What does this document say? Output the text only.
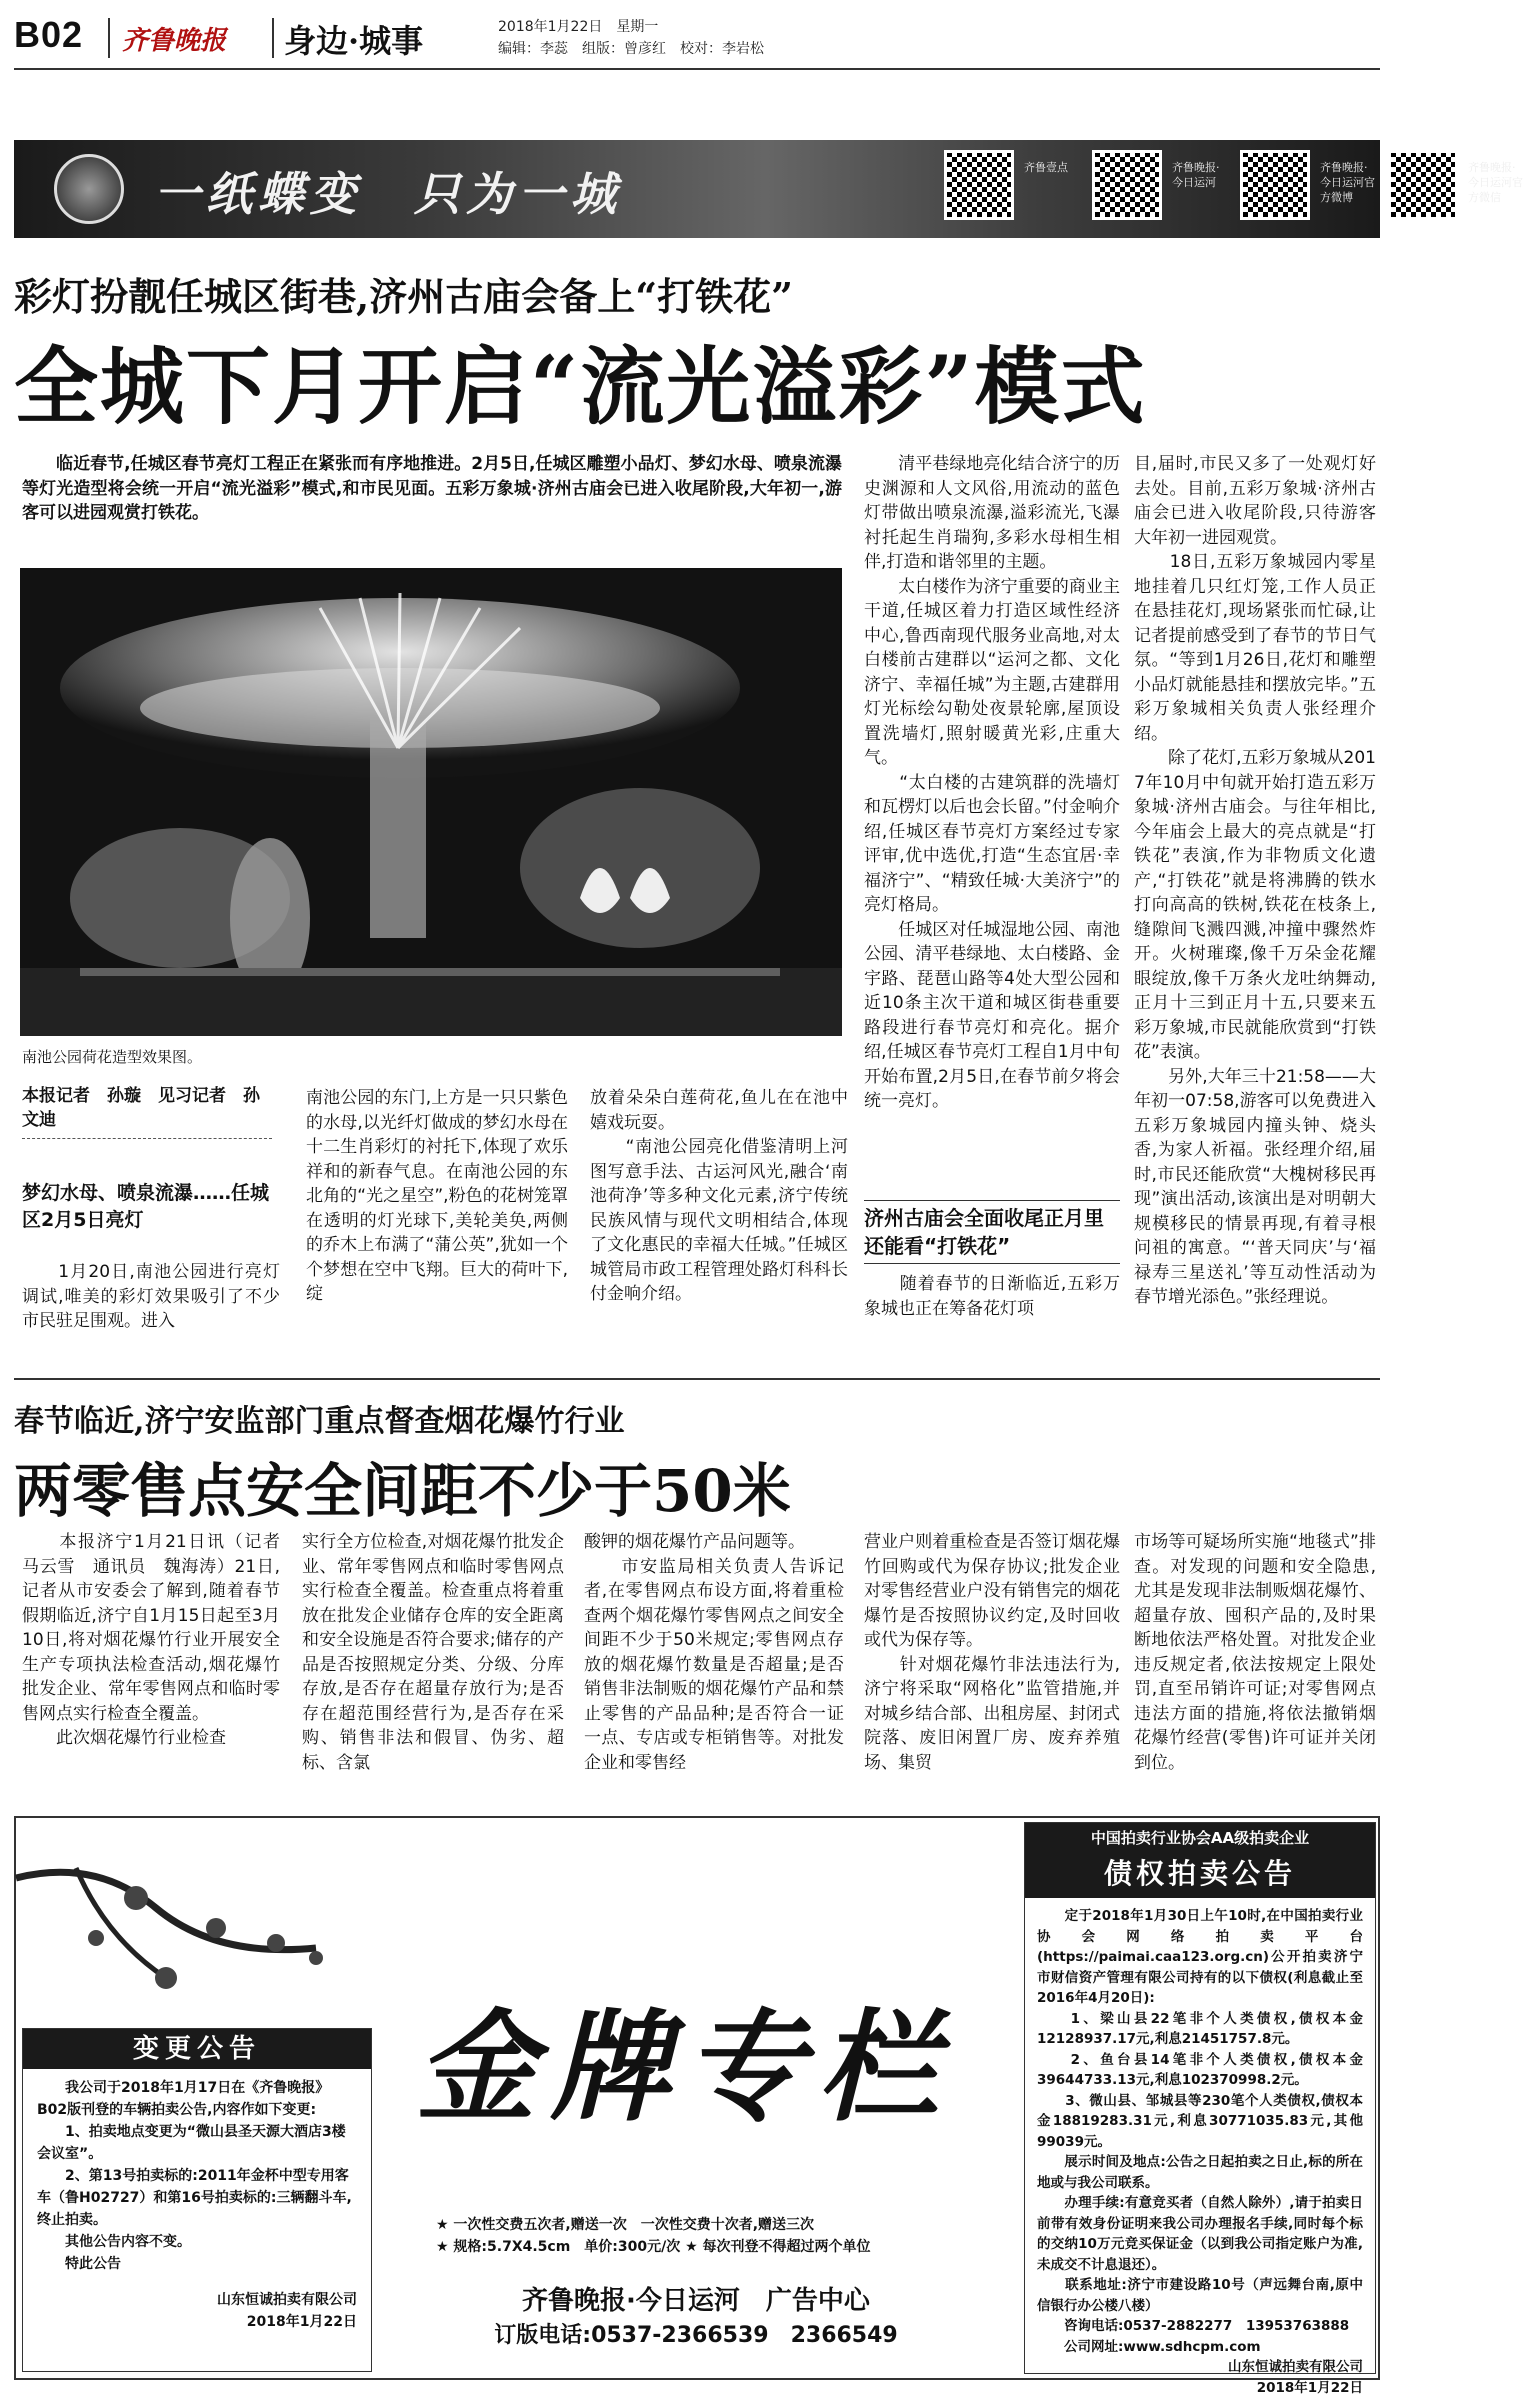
B02 齐鲁晚报 身边·城事	2018年1月22日　星期一
编辑：李蕊　组版：曾彦红　校对：李岩松
一纸蝶变　只为一城	齐鲁壹点	齐鲁晚报·今日运河
齐鲁晚报·今日运河官方微博
齐鲁晚报·今日运河官方微信
彩灯扮靓任城区街巷,济州古庙会备上“打铁花”
全城下月开启“流光溢彩”模式
　　临近春节,任城区春节亮灯工程正在紧张而有序地推进。2月5日,任城区雕塑小品灯、梦幻水母、喷泉流瀑等灯光造型将会统一开启“流光溢彩”模式,和市民见面。五彩万象城·济州古庙会已进入收尾阶段,大年初一,游客可以进园观赏打铁花。
南池公园荷花造型效果图。
本报记者　孙璇　见习记者　孙文迪
梦幻水母、喷泉流瀑……任城区2月5日亮灯
　　1月20日,南池公园进行亮灯调试,唯美的彩灯效果吸引了不少市民驻足围观。进入
南池公园的东门,上方是一只只紫色的水母,以光纤灯做成的梦幻水母在十二生肖彩灯的衬托下,体现了欢乐祥和的新春气息。在南池公园的东北角的“光之星空”,粉色的花树笼罩在透明的灯光球下,美轮美奂,两侧的乔木上布满了“蒲公英”,犹如一个个梦想在空中飞翔。巨大的荷叶下,绽
放着朵朵白莲荷花,鱼儿在在池中嬉戏玩耍。
　　“南池公园亮化借鉴清明上河图写意手法、古运河风光,融合‘南池荷净’等多种文化元素,济宁传统民族风情与现代文明相结合,体现了文化惠民的幸福大任城。”任城区城管局市政工程管理处路灯科科长付金响介绍。
　　清平巷绿地亮化结合济宁的历史渊源和人文风俗,用流动的蓝色灯带做出喷泉流瀑,溢彩流光,飞瀑衬托起生肖瑞狗,多彩水母相生相伴,打造和谐邻里的主题。
　　太白楼作为济宁重要的商业主干道,任城区着力打造区域性经济中心,鲁西南现代服务业高地,对太白楼前古建群以“运河之都、文化济宁、幸福任城”为主题,古建群用灯光标绘勾勒处夜景轮廓,屋顶设置洗墙灯,照射暖黄光彩,庄重大气。
　　“太白楼的古建筑群的洗墙灯和瓦楞灯以后也会长留。”付金响介绍,任城区春节亮灯方案经过专家评审,优中选优,打造“生态宜居·幸福济宁”、“精致任城·大美济宁”的亮灯格局。
　　任城区对任城湿地公园、南池公园、清平巷绿地、太白楼路、金宇路、琵琶山路等4处大型公园和近10条主次干道和城区街巷重要路段进行春节亮灯和亮化。据介绍,任城区春节亮灯工程自1月中旬开始布置,2月5日,在春节前夕将会统一亮灯。
济州古庙会全面收尾正月里还能看“打铁花”
　　随着春节的日渐临近,五彩万象城也正在筹备花灯项
目,届时,市民又多了一处观灯好去处。目前,五彩万象城·济州古庙会已进入收尾阶段,只待游客大年初一进园观赏。
　　18日,五彩万象城园内零星地挂着几只红灯笼,工作人员正在悬挂花灯,现场紧张而忙碌,让记者提前感受到了春节的节日气氛。“等到1月26日,花灯和雕塑小品灯就能悬挂和摆放完毕。”五彩万象城相关负责人张经理介绍。
　　除了花灯,五彩万象城从2017年10月中旬就开始打造五彩万象城·济州古庙会。与往年相比,今年庙会上最大的亮点就是“打铁花”表演,作为非物质文化遗产,“打铁花”就是将沸腾的铁水打向高高的铁树,铁花在枝条上,缝隙间飞溅四溅,冲撞中骤然炸开。火树璀璨,像千万朵金花耀眼绽放,像千万条火龙吐纳舞动,正月十三到正月十五,只要来五彩万象城,市民就能欣赏到“打铁花”表演。
　　另外,大年三十21:58——大年初一07:58,游客可以免费进入五彩万象城园内撞头钟、烧头香,为家人祈福。张经理介绍,届时,市民还能欣赏“大槐树移民再现”演出活动,该演出是对明朝大规模移民的情景再现,有着寻根问祖的寓意。“‘普天同庆’与‘福禄寿三星送礼’等互动性活动为春节增光添色。”张经理说。
春节临近,济宁安监部门重点督查烟花爆竹行业
两零售点安全间距不少于50米
　　本报济宁1月21日讯（记者　马云雪　通讯员　魏海涛）21日,记者从市安委会了解到,随着春节假期临近,济宁自1月15日起至3月10日,将对烟花爆竹行业开展安全生产专项执法检查活动,烟花爆竹批发企业、常年零售网点和临时零售网点实行检查全覆盖。
　　此次烟花爆竹行业检查
实行全方位检查,对烟花爆竹批发企业、常年零售网点和临时零售网点实行检查全覆盖。检查重点将着重放在批发企业储存仓库的安全距离和安全设施是否符合要求;储存的产品是否按照规定分类、分级、分库存放,是否存在超量存放行为;是否存在超范围经营行为,是否存在采购、销售非法和假冒、伪劣、超标、含氯
酸钾的烟花爆竹产品问题等。
　　市安监局相关负责人告诉记者,在零售网点布设方面,将着重检查两个烟花爆竹零售网点之间安全间距不少于50米规定;零售网点存放的烟花爆竹数量是否超量;是否销售非法制贩的烟花爆竹产品和禁止零售的产品品种;是否符合一证一点、专店或专柜销售等。对批发企业和零售经
营业户则着重检查是否签订烟花爆竹回购或代为保存协议;批发企业对零售经营业户没有销售完的烟花爆竹是否按照协议约定,及时回收或代为保存等。
　　针对烟花爆竹非法违法行为,济宁将采取“网格化”监管措施,并对城乡结合部、出租房屋、封闭式院落、废旧闲置厂房、废弃养殖场、集贸
市场等可疑场所实施“地毯式”排查。对发现的问题和安全隐患,尤其是发现非法制贩烟花爆竹、超量存放、囤积产品的,及时果断地依法严格处置。对批发企业违反规定者,依法按规定上限处罚,直至吊销许可证;对零售网点违法方面的措施,将依法撤销烟花爆竹经营(零售)许可证并关闭到位。
变更公告
　　我公司于2018年1月17日在《齐鲁晚报》B02版刊登的车辆拍卖公告,内容作如下变更:
　　1、拍卖地点变更为“微山县圣天源大酒店3楼会议室”。
　　2、第13号拍卖标的:2011年金杯中型专用客车（鲁H02727）和第16号拍卖标的:三辆翻斗车,终止拍卖。
　　其他公告内容不变。
　　特此公告
山东恒诚拍卖有限公司
2018年1月22日
金牌专栏
★ 一次性交费五次者,赠送一次　一次性交费十次者,赠送三次
★ 规格:5.7X4.5cm　单价:300元/次 ★ 每次刊登不得超过两个单位
齐鲁晚报·今日运河　广告中心
订版电话:0537-2366539　2366549
中国拍卖行业协会AA级拍卖企业
债权拍卖公告
　　定于2018年1月30日上午10时,在中国拍卖行业协会网络拍卖平台(https://paimai.caa123.org.cn)公开拍卖济宁市财信资产管理有限公司持有的以下债权(利息截止至2016年4月20日):
　　1、梁山县22笔非个人类债权,债权本金12128937.17元,利息21451757.8元。
　　2、鱼台县14笔非个人类债权,债权本金39644733.13元,利息102370998.2元。
　　3、微山县、邹城县等230笔个人类债权,债权本金18819283.31元,利息30771035.83元,其他99039元。
　　展示时间及地点:公告之日起拍卖之日止,标的所在地或与我公司联系。
　　办理手续:有意竞买者（自然人除外）,请于拍卖日前带有效身份证明来我公司办理报名手续,同时每个标的交纳10万元竞买保证金（以到我公司指定账户为准,未成交不计息退还）。
　　联系地址:济宁市建设路10号（声远舞台南,原中信银行办公楼八楼）
　　咨询电话:0537-2882277　13953763888
　　公司网址:www.sdhcpm.com
山东恒诚拍卖有限公司
2018年1月22日
